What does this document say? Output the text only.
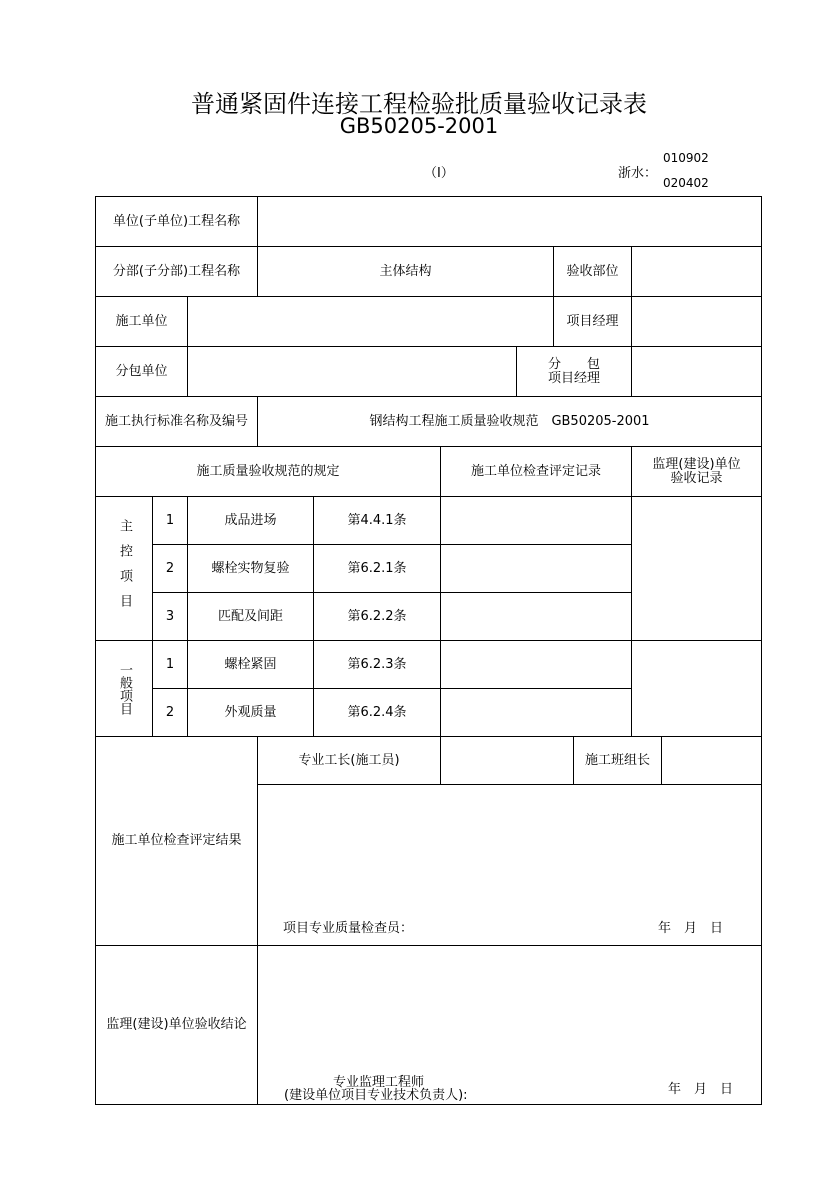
普通紧固件连接工程检验批质量验收记录表
GB50205-2001
（Ⅰ）	浙水：
010902
020402
单位(子单位)工程名称
分部(子分部)工程名称	主体结构	验收部位
施工单位	项目经理
分包单位	分　　包
项目经理
施工执行标准名称及编号	钢结构工程施工质量验收规范　GB50205-2001
施工质量验收规范的规定	施工单位检查评定记录	监理(建设)单位
验收记录
主控项目
一般项目
1	成品进场	第4.4.1条
2	螺栓实物复验	第6.2.1条
3	匹配及间距	第6.2.2条
1	螺栓紧固	第6.2.3条
2	外观质量	第6.2.4条
施工单位检查评定结果
专业工长(施工员)	施工班组长
项目专业质量检查员：	年　月　日
监理(建设)单位验收结论
专业监理工程师
(建设单位项目专业技术负责人):	年　月　日
